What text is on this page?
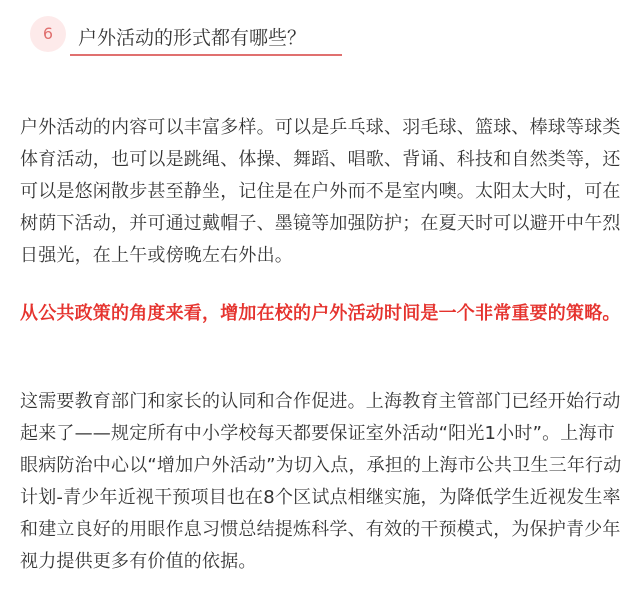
6	户外活动的形式都有哪些？

户外活动的内容可以丰富多样。可以是乒乓球、羽毛球、篮球、棒球等球类体育活动，也可以是跳绳、体操、舞蹈、唱歌、背诵、科技和自然类等，还可以是悠闲散步甚至静坐，记住是在户外而不是室内噢。太阳太大时，可在树荫下活动，并可通过戴帽子、墨镜等加强防护；在夏天时可以避开中午烈日强光，在上午或傍晚左右外出。

从公共政策的角度来看，增加在校的户外活动时间是一个非常重要的策略。

这需要教育部门和家长的认同和合作促进。上海教育主管部门已经开始行动起来了——规定所有中小学校每天都要保证室外活动“阳光1小时”。上海市眼病防治中心以“增加户外活动”为切入点，承担的上海市公共卫生三年行动计划-青少年近视干预项目也在8个区试点相继实施，为降低学生近视发生率和建立良好的用眼作息习惯总结提炼科学、有效的干预模式，为保护青少年视力提供更多有价值的依据。
